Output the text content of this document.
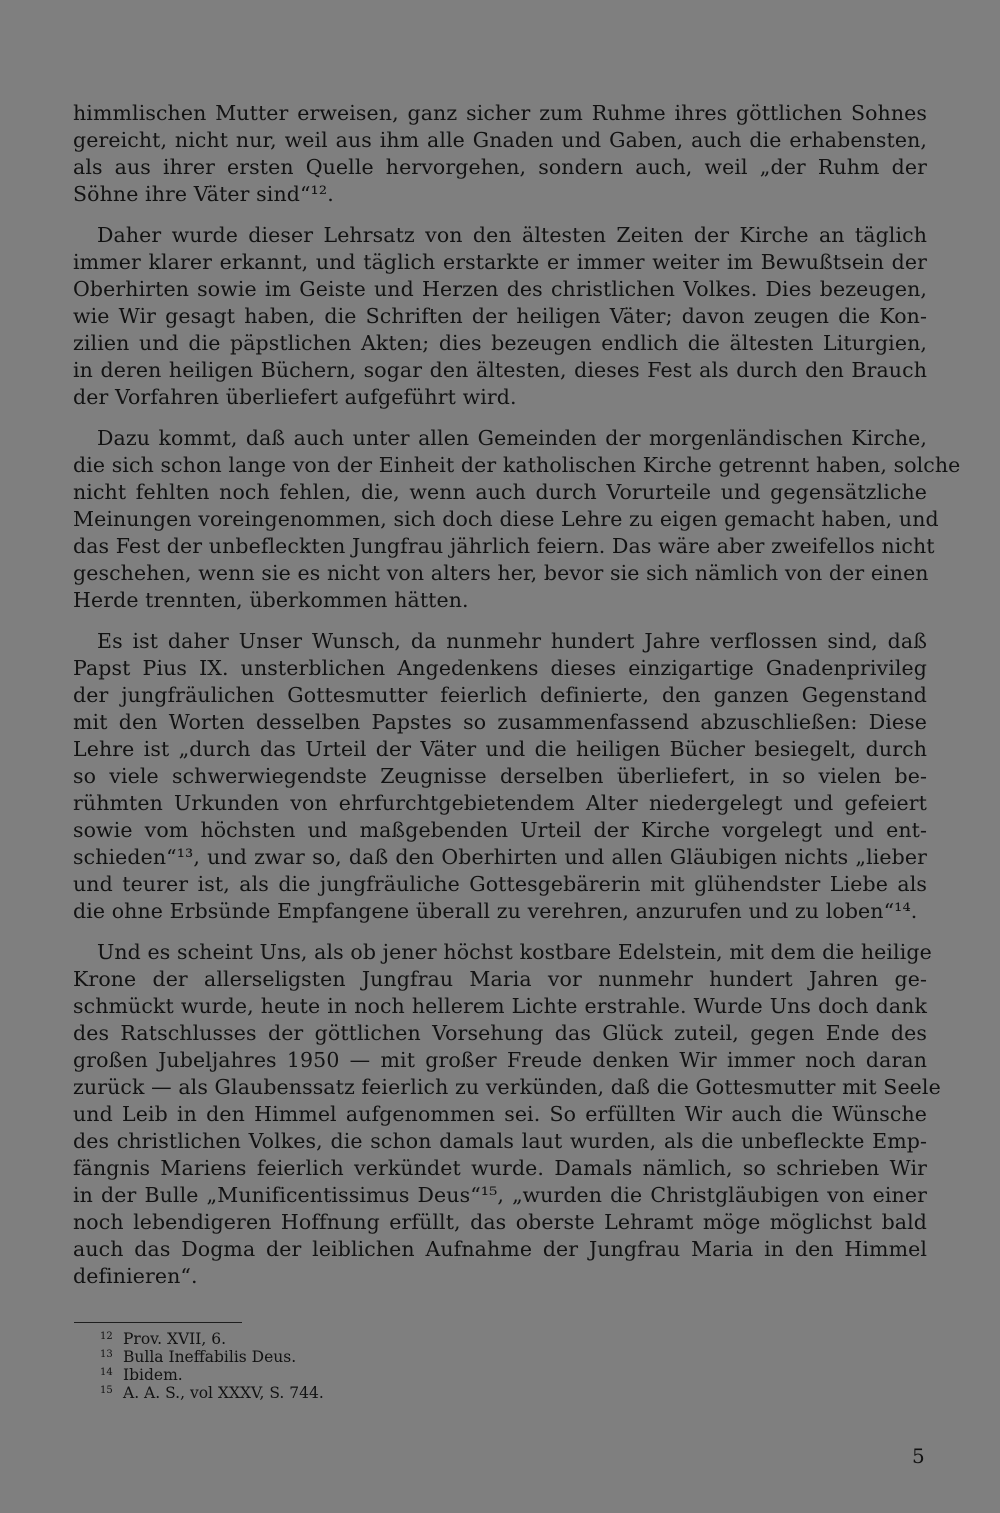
himmlischen Mutter erweisen, ganz sicher zum Ruhme ihres göttlichen Sohnes
gereicht, nicht nur, weil aus ihm alle Gnaden und Gaben, auch die erhabensten,
als aus ihrer ersten Quelle hervorgehen, sondern auch, weil „der Ruhm der
Söhne ihre Väter sind“¹².
Daher wurde dieser Lehrsatz von den ältesten Zeiten der Kirche an täglich
immer klarer erkannt, und täglich erstarkte er immer weiter im Bewußtsein der
Oberhirten sowie im Geiste und Herzen des christlichen Volkes. Dies bezeugen,
wie Wir gesagt haben, die Schriften der heiligen Väter; davon zeugen die Kon-
zilien und die päpstlichen Akten; dies bezeugen endlich die ältesten Liturgien,
in deren heiligen Büchern, sogar den ältesten, dieses Fest als durch den Brauch
der Vorfahren überliefert aufgeführt wird.
Dazu kommt, daß auch unter allen Gemeinden der morgenländischen Kirche,
die sich schon lange von der Einheit der katholischen Kirche getrennt haben, solche
nicht fehlten noch fehlen, die, wenn auch durch Vorurteile und gegensätzliche
Meinungen voreingenommen, sich doch diese Lehre zu eigen gemacht haben, und
das Fest der unbefleckten Jungfrau jährlich feiern. Das wäre aber zweifellos nicht
geschehen, wenn sie es nicht von alters her, bevor sie sich nämlich von der einen
Herde trennten, überkommen hätten.
Es ist daher Unser Wunsch, da nunmehr hundert Jahre verflossen sind, daß
Papst Pius IX. unsterblichen Angedenkens dieses einzigartige Gnadenprivileg
der jungfräulichen Gottesmutter feierlich definierte, den ganzen Gegenstand
mit den Worten desselben Papstes so zusammenfassend abzuschließen: Diese
Lehre ist „durch das Urteil der Väter und die heiligen Bücher besiegelt, durch
so viele schwerwiegendste Zeugnisse derselben überliefert, in so vielen be-
rühmten Urkunden von ehrfurchtgebietendem Alter niedergelegt und gefeiert
sowie vom höchsten und maßgebenden Urteil der Kirche vorgelegt und ent-
schieden“¹³, und zwar so, daß den Oberhirten und allen Gläubigen nichts „lieber
und teurer ist, als die jungfräuliche Gottesgebärerin mit glühendster Liebe als
die ohne Erbsünde Empfangene überall zu verehren, anzurufen und zu loben“¹⁴.
Und es scheint Uns, als ob jener höchst kostbare Edelstein, mit dem die heilige
Krone der allerseligsten Jungfrau Maria vor nunmehr hundert Jahren ge-
schmückt wurde, heute in noch hellerem Lichte erstrahle. Wurde Uns doch dank
des Ratschlusses der göttlichen Vorsehung das Glück zuteil, gegen Ende des
großen Jubeljahres 1950 — mit großer Freude denken Wir immer noch daran
zurück — als Glaubenssatz feierlich zu verkünden, daß die Gottesmutter mit Seele
und Leib in den Himmel aufgenommen sei. So erfüllten Wir auch die Wünsche
des christlichen Volkes, die schon damals laut wurden, als die unbefleckte Emp-
fängnis Mariens feierlich verkündet wurde. Damals nämlich, so schrieben Wir
in der Bulle „Munificentissimus Deus“¹⁵, „wurden die Christgläubigen von einer
noch lebendigeren Hoffnung erfüllt, das oberste Lehramt möge möglichst bald
auch das Dogma der leiblichen Aufnahme der Jungfrau Maria in den Himmel
definieren“.
12 Prov. XVII, 6.
13 Bulla Ineffabilis Deus.
14 Ibidem.
15 A. A. S., vol XXXV, S. 744.
5
